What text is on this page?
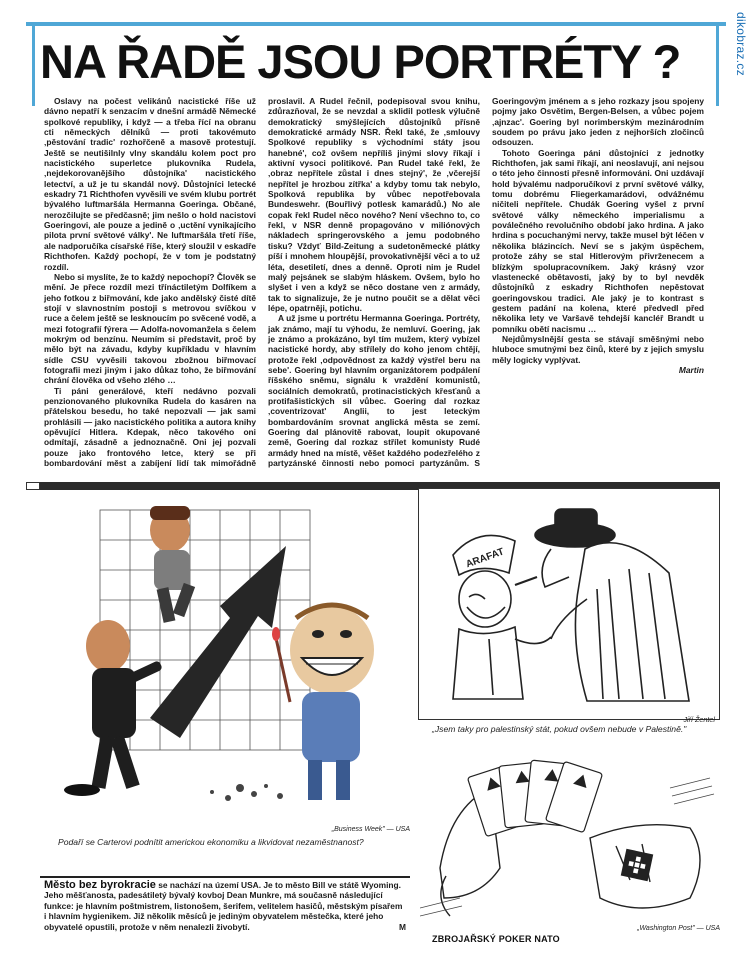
dikobraz.cz
NA ŘADĚ JSOU PORTRÉTY ?

Oslavy na počest velikánů nacistické říše už dávno nepatří k senzacím v dnešní armádě Německé spolkové republiky, i když — a třeba řící na obranu cti německých dělníků — proti takovémuto ‚pěstování tradic' rozhořčeně a masově protestují. Ještě se neutišilnly vlny skandálu kolem poct pro nacistického superletce plukovníka Rudela, ‚nejdekorovanějšího důstojníka' nacistického letectví, a už je tu skandál nový. Důstojníci letecké eskadry 71 Richthofen vyvěsili ve svém klubu portrét bývalého luftmaršála Hermanna Goeringa. Občané, nerozčilujte se předčasně; jim nešlo o hold nacistovi Goeringovi, ale pouze a jedině o ‚uctění vynikajícího pilota první světové války'. Ne luftmaršála třetí říše, ale nadporučíka císařské říše, který sloužil v eskadře Richthofen. Každý pochopí, že v tom je podstatný rozdíl.

Nebo si myslíte, že to každý nepochopí? Člověk se mění. Je přece rozdíl mezi třínáctiletým Dolfíkem a jeho fotkou z biřmování, kde jako andělský čisté dítě stojí v slavnostním postoji s metrovou svíčkou v ruce a čelem ještě se lesknoucím po svěcené vodě, a mezi fotografií fýrera — Adolfa-novomanžela s čelem mokrým od benzínu. Neumím si představit, proč by mělo být na závadu, kdyby kupříkladu v hlavním sídle CSU vyvěsili takovou zbožnou biřmovací fotografii mezi jiným i jako důkaz toho, že biřmování chrání člověka od všeho zlého …

Ti páni generálové, kteří nedávno pozvali penzionovaného plukovníka Rudela do kasáren na přátelskou besedu, ho také nepozvali — jak sami prohlásili — jako nacistického politika a autora knihy opěvující Hitlera. Kdepak, něco takového oni odmítají, zásadně a jednoznačně. Oni jej pozvali pouze jako frontového letce, který se při bombardování měst a zabíjení lidí tak mimořádně proslavil. A Rudel řečnil, podepisoval svou knihu, zdůrazňoval, že se nevzdal a sklidil potlesk výlučně demokratický smýšlejících důstojníků přísně demokratické armády NSR. Řekl také, že ‚smlouvy Spolkové republiky s východními státy jsou hanebné', což ovšem nepříliš jinými slovy říkají i aktivní vysoci politikové. Pan Rudel také řekl, že ‚obraz nepřítele zůstal i dnes stejný', že ‚včerejší nepřítel je hrozbou zítřka' a kdyby tomu tak nebylo, Spolková republika by vůbec nepotřebovala Bundeswehr. (Bouřlivý potlesk kamarádů.) No ale copak řekl Rudel něco nového? Není všechno to, co řekl, v NSR denně propagováno v miliónových nákladech springerovského a jemu podobného tisku? Vždyť Bild-Zeitung a sudetoněmecké plátky píší i mnohem hloupější, provokativnější věci a to už léta, desetiletí, dnes a denně. Oproti nim je Rudel malý pejsánek se slabým hláskem. Ovšem, bylo ho slyšet i ven a když se něco dostane ven z armády, tak to signalizuje, že je nutno poučit se a dělat věci lépe, opatrněji, potichu.

A už jsme u portrétu Hermanna Goeringa. Portréty, jak známo, mají tu výhodu, že nemluví. Goering, jak je známo a prokázáno, byl tím mužem, který vybízel nacistické hordy, aby střílely do koho jenom chtějí, protože řekl ‚odpovědnost za každý výstřel beru na sebe'. Goering byl hlavním organizátorem podpálení říšského sněmu, signálu k vraždění komunistů, sociálních demokratů, protinacistických křesťanů a protifašistických sil vůbec. Goering dal rozkaz ‚coventrizovat' Anglii, to jest leteckým bombardováním srovnat anglická města se zemí. Goering dal plánovitě rabovat, loupit okupované země, Goering dal rozkaz střílet komunisty Rudé armády hned na místě, věšet každého podezřelého z partyzánské činnosti nebo pomoci partyzánům. S Goeringovým jménem a s jeho rozkazy jsou spojeny pojmy jako Osvětim, Bergen-Belsen, a vůbec pojem ‚ajnzac'. Goering byl norimberským mezinárodním soudem po právu jako jeden z nejhorších zločinců odsouzen.

Tohoto Goeringa páni důstojníci z jednotky Richthofen, jak sami říkají, ani neoslavují, ani nejsou o této jeho činnosti přesně informováni. Oni uzdávají hold bývalému nadporučíkovi z první světové války, tomu dobrému Fliegerkamarádovi, odvážnému ničiteli nepřítele. Chudák Goering vyšel z první světové války německého imperialismu a poválečného revolučního období jako hrdina. A jako hrdina s pocuchanými nervy, takže musel být léčen v několika blázincích. Neví se s jakým úspěchem, protože záhy se stal Hitlerovým přivrženecem a blízkým spolupracovníkem. Jaký krásný vzor vlastenecké obětavosti, jaký by to byl nevděk důstojníků z eskadry Richthofen nepěstovat goeringovskou tradici. Ale jaký je to kontrast s gestem padání na kolena, které předvedl před několika lety ve Varšavě tehdejší kancléř Brandt u pomníku obětí nacismu …

Nejdůmyslnější gesta se stávají směšnými nebo hlubоce smutnými bez činů, které by z jejich smyslu měly logicky vyplývat.

Martin

„Business Week" — USA
Podaří se Carterovi podnítit americkou ekonomiku a likvidovat nezaměstnanost?
ARAFAT
Jiří Žentel
„Jsem taky pro palestinský stát, pokud ovšem nebude v Palestině."
„Washington Post" — USA
ZBROJAŘSKÝ POKER NATO
Město bez byrokracie se nachází na území USA. Je to město Bill ve státě Wyoming. Jeho měšťanosta, padesátiletý bývalý kovboj Dean Munkre, má současně následující funkce: je hlavním poštmistrem, listonošem, šerifem, velitelem hasičů, městským písařem i hlavním hygienikem. Již několik měsíců je jediným obyvatelem městečka, které jeho obyvatelé opustili, protože v něm nenalezli živobytí.	M
